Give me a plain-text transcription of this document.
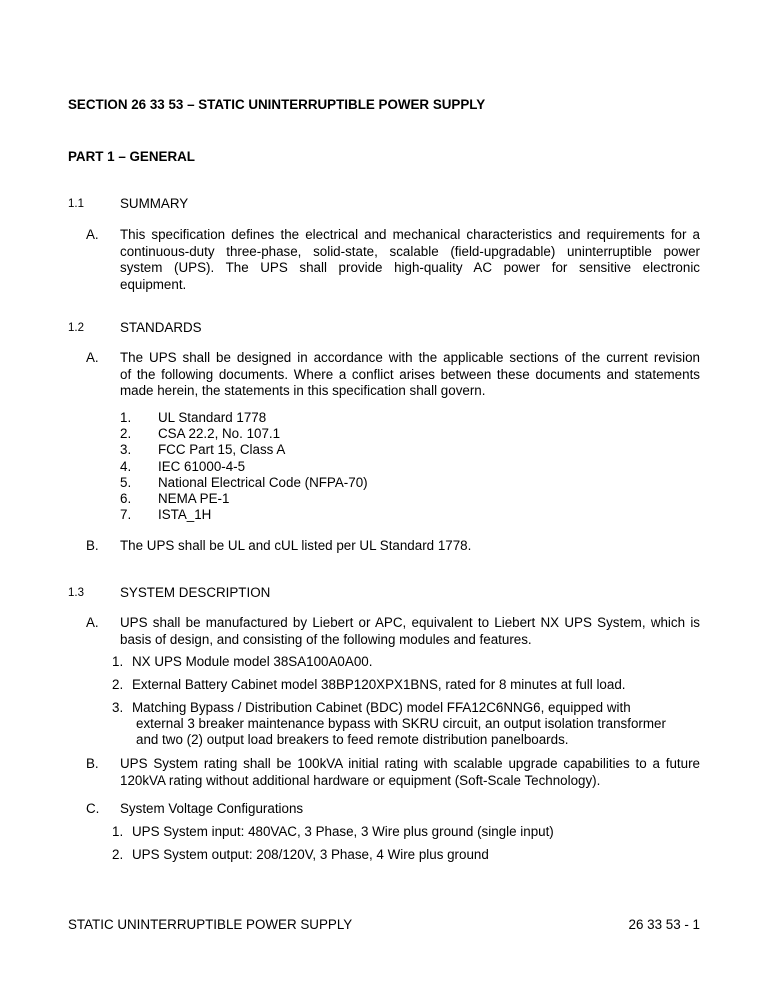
SECTION 26 33 53 – STATIC UNINTERRUPTIBLE POWER SUPPLY
PART 1 – GENERAL
1.1	SUMMARY
A. This specification defines the electrical and mechanical characteristics and requirements for a
continuous-duty three-phase, solid-state, scalable (field-upgradable) uninterruptible power
system (UPS). The UPS shall provide high-quality AC power for sensitive electronic
equipment.
1.2	STANDARDS
A. The UPS shall be designed in accordance with the applicable sections of the current revision
of the following documents. Where a conflict arises between these documents and statements
made herein, the statements in this specification shall govern.
1. UL Standard 1778
2. CSA 22.2, No. 107.1
3. FCC Part 15, Class A
4. IEC 61000-4-5
5. National Electrical Code (NFPA-70)
6. NEMA PE-1
7. ISTA_1H
B. The UPS shall be UL and cUL listed per UL Standard 1778.
1.3	SYSTEM DESCRIPTION
A. UPS shall be manufactured by Liebert or APC, equivalent to Liebert NX UPS System, which is
basis of design, and consisting of the following modules and features.
1. NX UPS Module model 38SA100A0A00.
2. External Battery Cabinet model 38BP120XPX1BNS, rated for 8 minutes at full load.
3. Matching Bypass / Distribution Cabinet (BDC) model FFA12C6NNG6, equipped with
external 3 breaker maintenance bypass with SKRU circuit, an output isolation transformer
and two (2) output load breakers to feed remote distribution panelboards.
B. UPS System rating shall be 100kVA initial rating with scalable upgrade capabilities to a future
120kVA rating without additional hardware or equipment (Soft-Scale Technology).
C. System Voltage Configurations
1. UPS System input: 480VAC, 3 Phase, 3 Wire plus ground (single input)
2. UPS System output: 208/120V, 3 Phase, 4 Wire plus ground
STATIC UNINTERRUPTIBLE POWER SUPPLY	26 33 53 - 1
